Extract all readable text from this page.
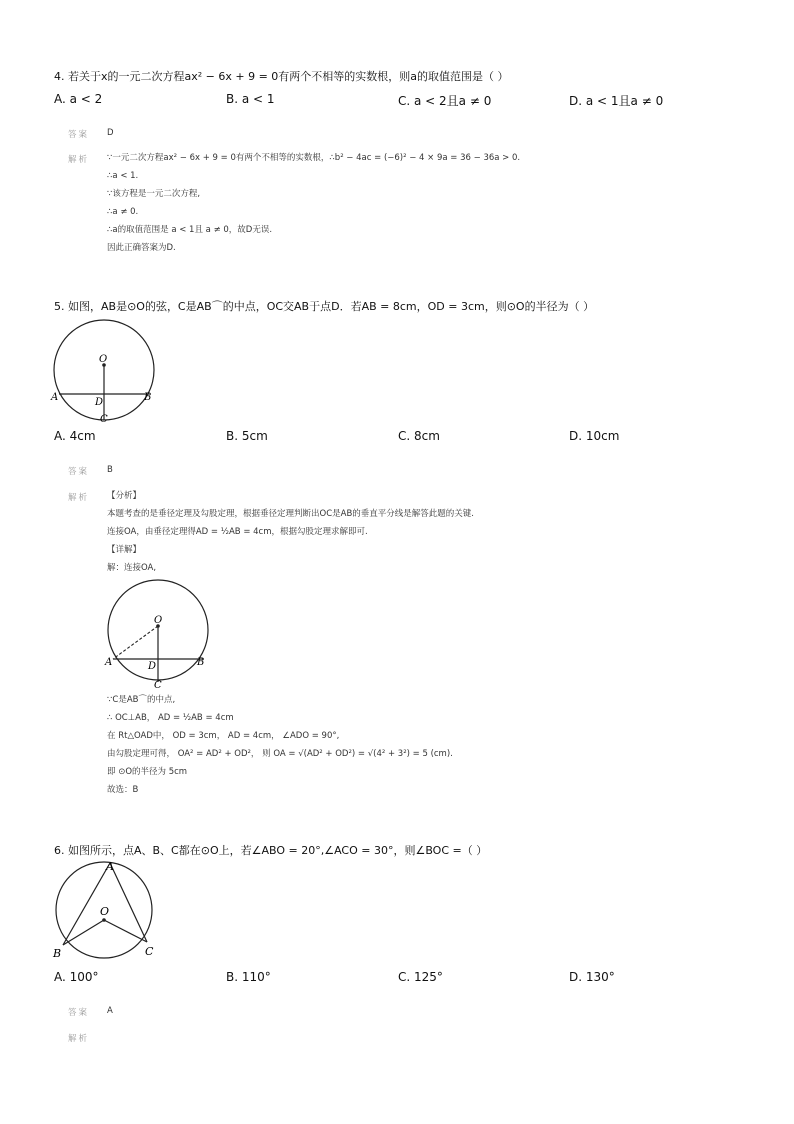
4. 若关于x的一元二次方程ax² − 6x + 9 = 0有两个不相等的实数根，则a的取值范围是（ ）
A. a < 2	B. a < 1	C. a < 2且a ≠ 0	D. a < 1且a ≠ 0
答案 D
解析 ∵一元二次方程ax² − 6x + 9 = 0有两个不相等的实数根，∴b² − 4ac = (−6)² − 4 × 9a = 36 − 36a > 0.
∴a < 1.
∵该方程是一元二次方程,
∴a ≠ 0.
∴a的取值范围是 a < 1且 a ≠ 0，故D无误.
因此正确答案为D.
5. 如图，AB是⊙O的弦，C是AB⌒的中点，OC交AB于点D．若AB = 8cm，OD = 3cm，则⊙O的半径为（ ）
O
A	D	B
C
A. 4cm	B. 5cm	C. 8cm	D. 10cm
答案 B
解析 【分析】
本题考查的是垂径定理及勾股定理，根据垂径定理判断出OC是AB的垂直平分线是解答此题的关键.
连接OA，由垂径定理得AD = ½AB = 4cm，根据勾股定理求解即可.
【详解】
解：连接OA,
O
A	D	B
C
∵C是AB⌒的中点,
∴ OC⊥AB， AD = ½AB = 4cm
在 Rt△OAD中， OD = 3cm， AD = 4cm， ∠ADO = 90°,
由勾股定理可得， OA² = AD² + OD²， 则 OA = √(AD² + OD²) = √(4² + 3²) = 5 (cm).
即 ⊙O的半径为 5cm
故选：B
6. 如图所示，点A、B、C都在⊙O上，若∠ABO = 20°,∠ACO = 30°，则∠BOC =（ ）
A
O
B	C
A. 100°	B. 110°	C. 125°	D. 130°
答案 A
解析
